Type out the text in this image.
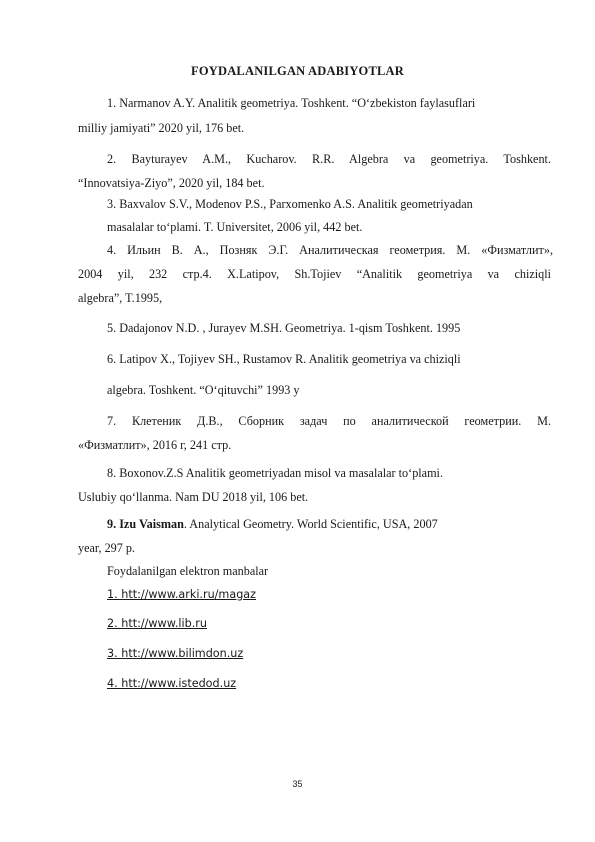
FOYDALANILGAN ADABIYOTLAR
1. Narmanov A.Y. Analitik geometriya. Toshkent. “O‘zbekiston faylasuflari
milliy jamiyati” 2020 yil, 176 bet.
2. Bayturayev A.M., Kucharov. R.R. Algebra va geometriya. Toshkent.
“Innovatsiya-Ziyo”, 2020 yil, 184 bet.
3. Baxvalov S.V., Modenov P.S., Parxomenko A.S. Analitik geometriyadan
masalalar to‘plami. T. Universitet, 2006 yil, 442 bet.
4. Ильин В. А., Позняк Э.Г. Аналитическая геометрия. М. «Физматлит»,
2004 yil, 232 стр.4. X.Latipov, Sh.Tojiev “Analitik geometriya va chiziqli
algebra”, T.1995,
5. Dadajonov N.D. , Jurayev M.SH. Geometriya. 1-qism Toshkent. 1995
6. Latipov X., Tojiyev SH., Rustamov R. Analitik geometriya va chiziqli
algebra. Toshkent. “O‘qituvchi” 1993 y
7. Клетеник Д.В., Сборник задач по аналитической геометрии. М.
«Физматлит», 2016 г, 241 стр.
8. Boxonov.Z.S Analitik geometriyadan misol va masalalar to‘plami.
Uslubiy qo‘llanma. Nam DU 2018 yil, 106 bet.
9. Izu Vaisman. Analytical Geometry. World Scientific, USA, 2007
year, 297 p.
Foydalanilgan elektron manbalar
1. htt://www.arki.ru/magaz
2. htt://www.lib.ru
3. htt://www.bilimdon.uz
4. htt://www.istedod.uz
35
